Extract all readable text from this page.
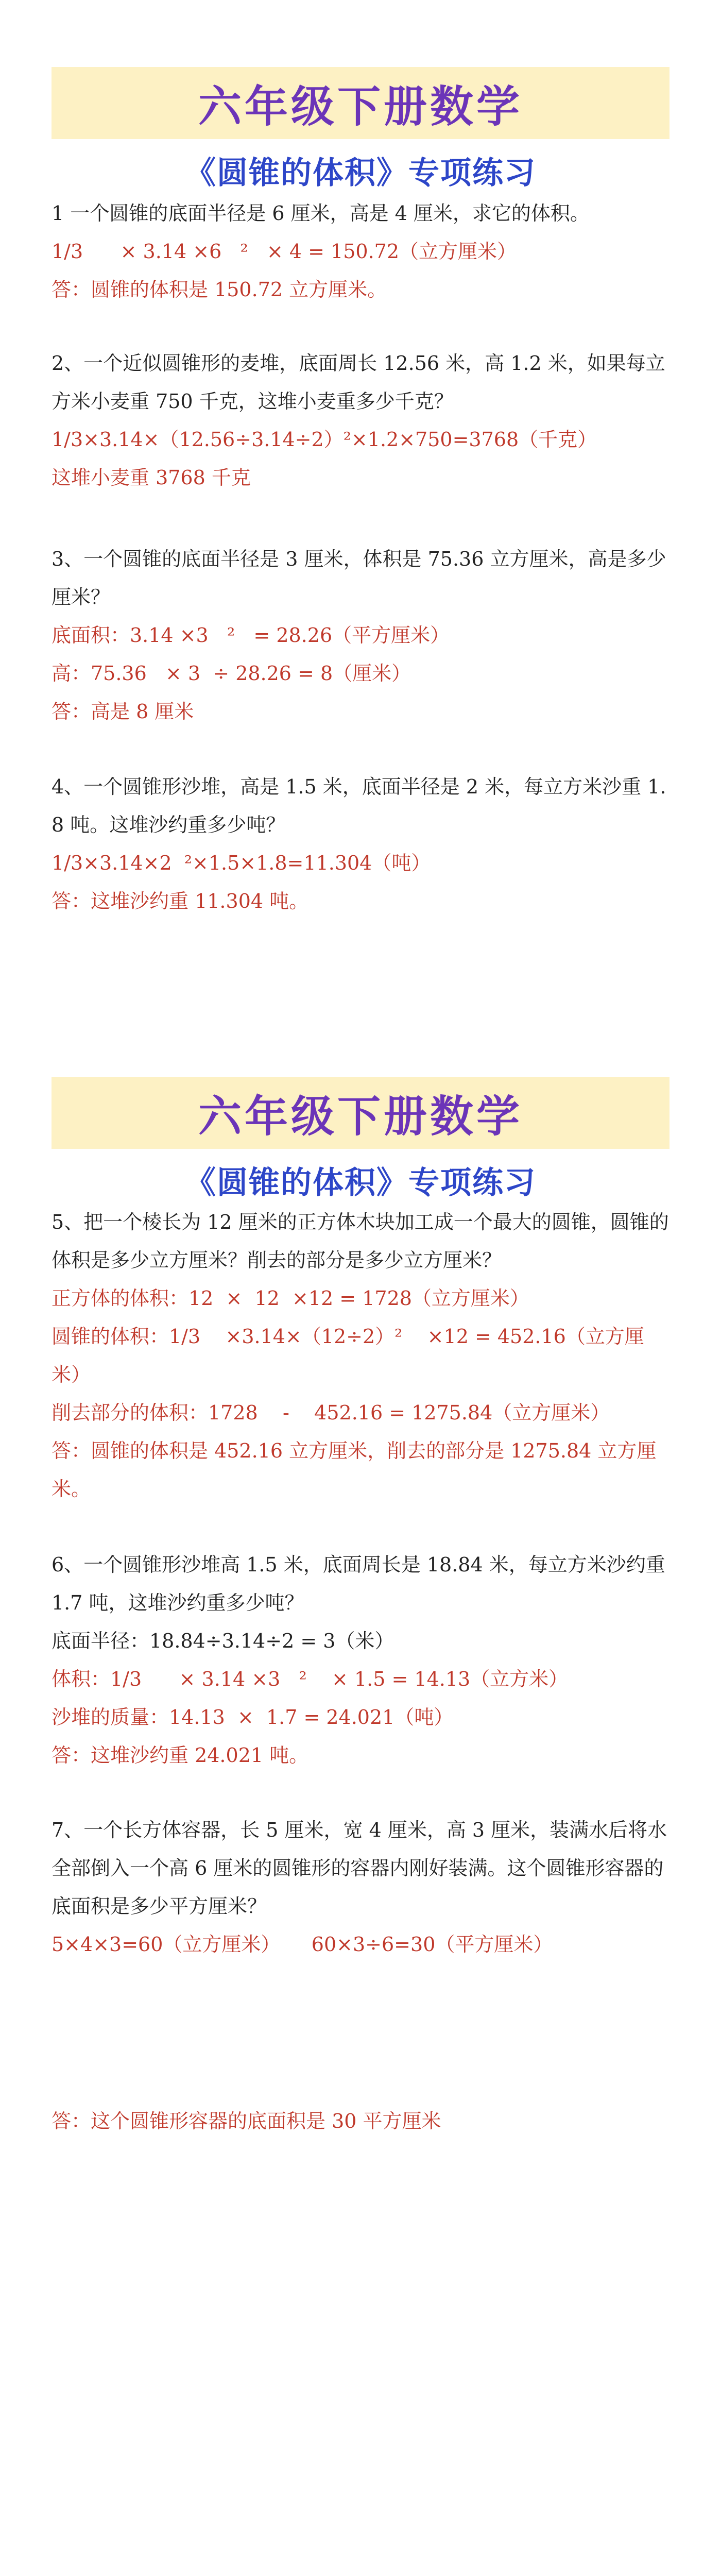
六年级下册数学
《圆锥的体积》专项练习

1 一个圆锥的底面半径是 6 厘米，高是 4 厘米，求它的体积。

1/3      × 3.14 ×6   ²   × 4 = 150.72（立方厘米）

答：圆锥的体积是 150.72 立方厘米。

2、一个近似圆锥形的麦堆，底面周长 12.56 米，高 1.2 米，如果每立方米小麦重 750 千克，这堆小麦重多少千克？

1/3×3.14×（12.56÷3.14÷2）²×1.2×750=3768（千克）

这堆小麦重 3768 千克

3、一个圆锥的底面半径是 3 厘米，体积是 75.36 立方厘米，高是多少厘米？

底面积：3.14 ×3   ²   = 28.26（平方厘米）

高：75.36   × 3  ÷ 28.26 = 8（厘米）

答：高是 8 厘米

4、一个圆锥形沙堆，高是 1.5 米，底面半径是 2 米，每立方米沙重 1.8 吨。这堆沙约重多少吨？

1/3×3.14×2  ²×1.5×1.8=11.304（吨）

答：这堆沙约重 11.304 吨。

六年级下册数学
《圆锥的体积》专项练习

5、把一个棱长为 12 厘米的正方体木块加工成一个最大的圆锥，圆锥的体积是多少立方厘米？削去的部分是多少立方厘米？

正方体的体积：12  ×  12  ×12 = 1728（立方厘米）

圆锥的体积：1/3    ×3.14×（12÷2）²    ×12 = 452.16（立方厘米）

削去部分的体积：1728    -    452.16 = 1275.84（立方厘米）

答：圆锥的体积是 452.16 立方厘米，削去的部分是 1275.84 立方厘米。

6、一个圆锥形沙堆高 1.5 米，底面周长是 18.84 米，每立方米沙约重 1.7 吨，这堆沙约重多少吨？

底面半径：18.84÷3.14÷2 = 3（米）

体积：1/3      × 3.14 ×3   ²    × 1.5 = 14.13（立方米）

沙堆的质量：14.13  ×  1.7 = 24.021（吨）

答：这堆沙约重 24.021 吨。

7、一个长方体容器，长 5 厘米，宽 4 厘米，高 3 厘米，装满水后将水全部倒入一个高 6 厘米的圆锥形的容器内刚好装满。这个圆锥形容器的底面积是多少平方厘米？

5×4×3=60（立方厘米）     60×3÷6=30（平方厘米）

答：这个圆锥形容器的底面积是 30 平方厘米
